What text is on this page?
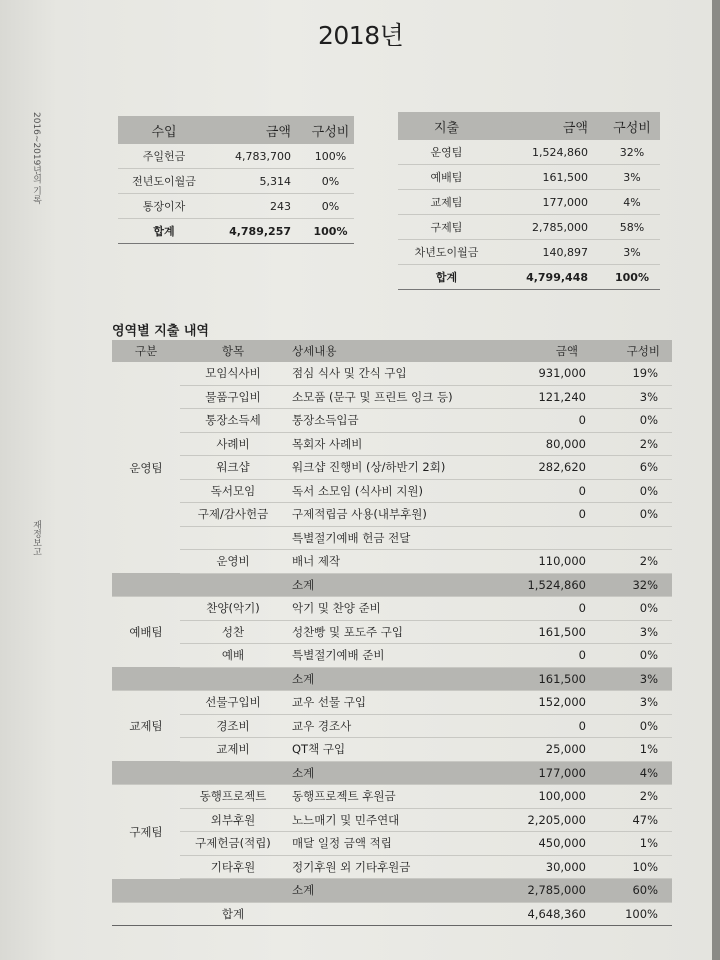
2018년
2016~2019년의 기록
재정보고
수입	금액	구성비
주일헌금	4,783,700	100%
전년도이월금	5,314	0%
통장이자	243	0%
합계	4,789,257	100%
지출	금액	구성비
운영팀	1,524,860	32%
예배팀	161,500	3%
교제팀	177,000	4%
구제팀	2,785,000	58%
차년도이월금	140,897	3%
합계	4,799,448	100%
영역별 지출 내역
구분	항목	상세내용	금액	구성비
운영팀	모임식사비	점심 식사 및 간식 구입	931,000	19%
	물품구입비	소모품 (문구 및 프린트 잉크 등)	121,240	3%
	통장소득세	통장소득입금	0	0%
	사례비	목회자 사례비	80,000	2%
	워크샵	워크샵 진행비 (상/하반기 2회)	282,620	6%
	독서모임	독서 소모임 (식사비 지원)	0	0%
	구제/감사헌금	구제적립금 사용(내부후원)	0	0%
		특별절기예배 헌금 전달		
	운영비	배너 제작	110,000	2%
		소계	1,524,860	32%
예배팀	찬양(악기)	악기 및 찬양 준비	0	0%
	성찬	성찬빵 및 포도주 구입	161,500	3%
	예배	특별절기예배 준비	0	0%
		소계	161,500	3%
교제팀	선물구입비	교우 선물 구입	152,000	3%
	경조비	교우 경조사	0	0%
	교제비	QT책 구입	25,000	1%
		소계	177,000	4%
구제팀	동행프로젝트	동행프로젝트 후원금	100,000	2%
	외부후원	노느매기 및 민주연대	2,205,000	47%
	구제헌금(적립)	매달 일정 금액 적립	450,000	1%
	기타후원	정기후원 외 기타후원금	30,000	10%
		소계	2,785,000	60%
	합계		4,648,360	100%
